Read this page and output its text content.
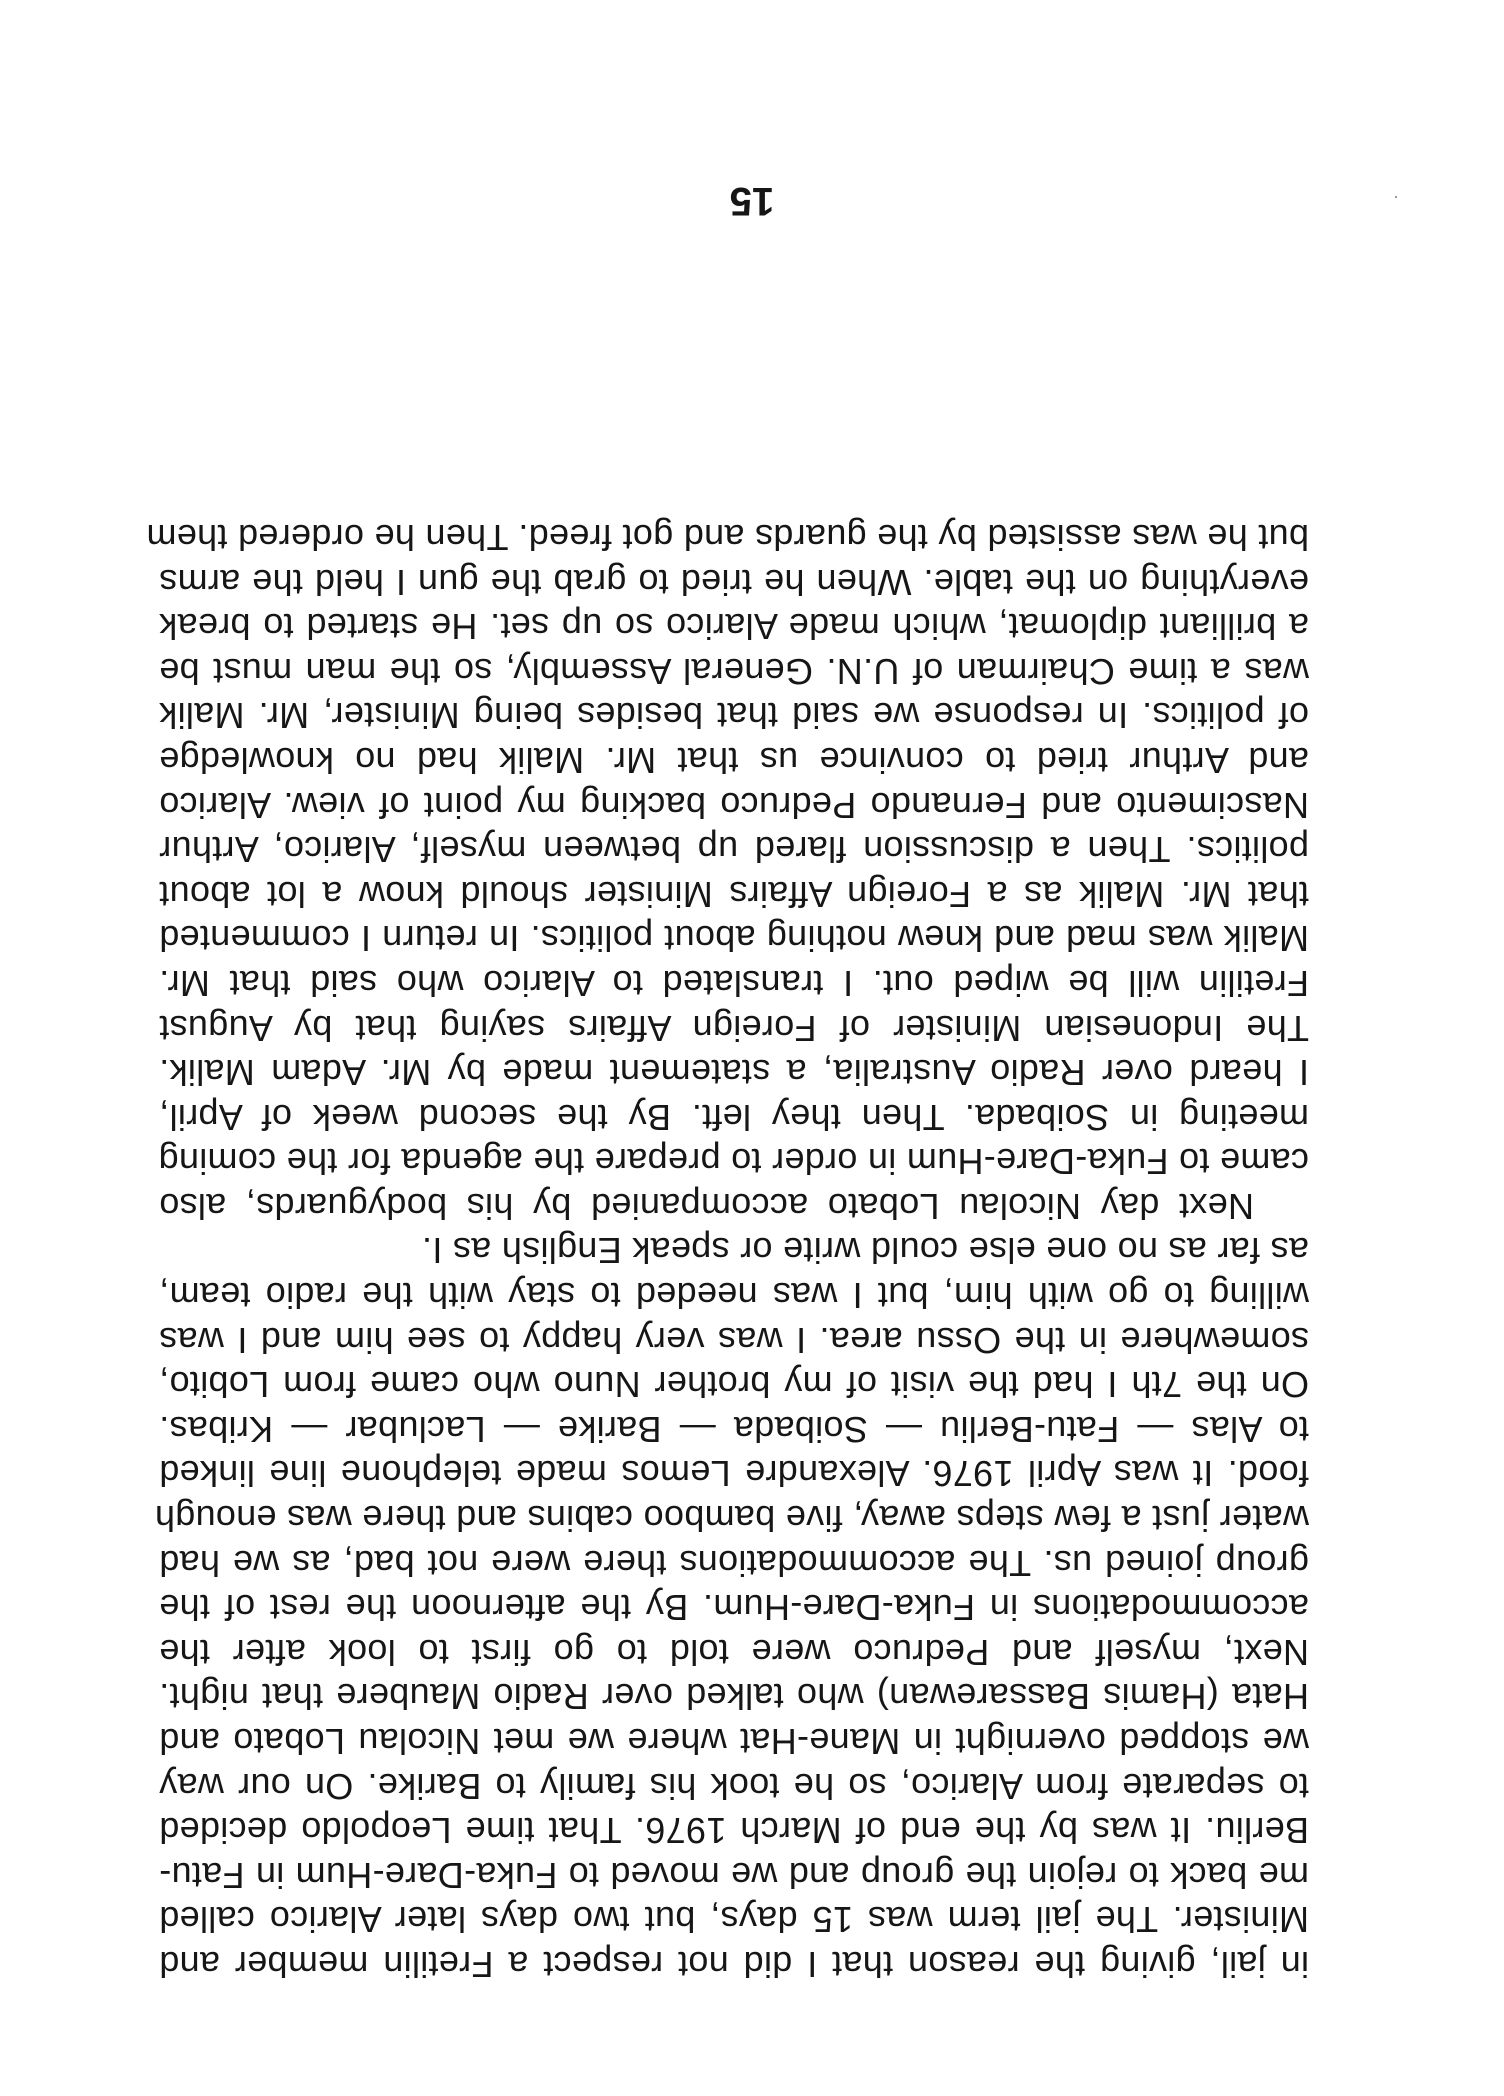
in jail, giving the reason that I did not respect a Fretilin member and
Minister. The jail term was 15 days, but two days later Alarico called
me back to rejoin the group and we moved to Fuka-Dare-Hum in Fatu-
Berliu. It was by the end of March 1976. That time Leopoldo decided
to separate from Alarico, so he took his family to Barike. On our way
we stopped overnight in Mane-Hat where we met Nicolau Lobato and
Hata (Hamis Bassarewan) who talked over Radio Maubere that night.
Next, myself and Pedruco were told to go first to look after the
accommodations in Fuka-Dare-Hum. By the afternoon the rest of the
group joined us. The accommodations there were not bad, as we had
water just a few steps away, five bamboo cabins and there was enough
food. It was April 1976. Alexandre Lemos made telephone line linked
to Alas — Fatu-Berliu — Soibada — Barike — Laclubar — Kribas.
On the 7th I had the visit of my brother Nuno who came from Lobito,
somewhere in the Ossu area. I was very happy to see him and I was
willing to go with him, but I was needed to stay with the radio team,
as far as no one else could write or speak English as I.
Next day Nicolau Lobato accompanied by his bodyguards, also
came to Fuka-Dare-Hum in order to prepare the agenda for the coming
meeting in Soibada. Then they left. By the second week of April,
I heard over Radio Australia, a statement made by Mr. Adam Malik.
The Indonesian Minister of Foreign Affairs saying that by August
Fretilin will be wiped out. I translated to Alarico who said that Mr.
Malik was mad and knew nothing about politics. In return I commented
that Mr. Malik as a Foreign Affairs Minister should know a lot about
politics. Then a discussion flared up between myself, Alarico, Arthur
Nascimento and Fernando Pedruco backing my point of view. Alarico
and Arthur tried to convince us that Mr. Malik had no knowledge
of politics. In response we said that besides being Minister, Mr. Malik
was a time Chairman of U.N. General Assembly, so the man must be
a brilliant diplomat, which made Alarico so up set. He started to break
everything on the table. When he tried to grab the gun I held the arms
but he was assisted by the guards and got freed. Then he ordered them
15
